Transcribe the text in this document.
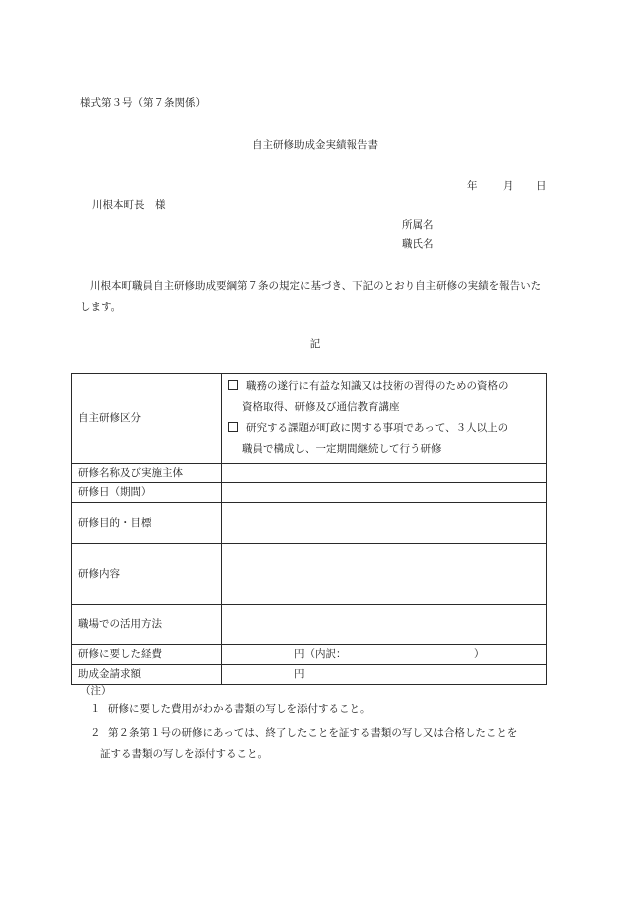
様式第３号（第７条関係）
自主研修助成金実績報告書
年 月 日
川根本町長　様
所属名
職氏名
川根本町職員自主研修助成要綱第７条の規定に基づき、下記のとおり自主研修の実績を報告いたします。
記
自主研修区分	職務の遂行に有益な知識又は技術の習得のための資格の
資格取得、研修及び通信教育講座
研究する課題が町政に関する事項であって、３人以上の
職員で構成し、一定期間継続して行う研修

研修名称及び実施主体	
研修日（期間）	
研修目的・目標	
研修内容	
職場での活用方法	
研修に要した経費	円（内訳： ）

助成金請求額	円
（注）
１ 研修に要した費用がわかる書類の写しを添付すること。
２ 第２条第１号の研修にあっては、終了したことを証する書類の写し又は合格したことを
証する書類の写しを添付すること。
